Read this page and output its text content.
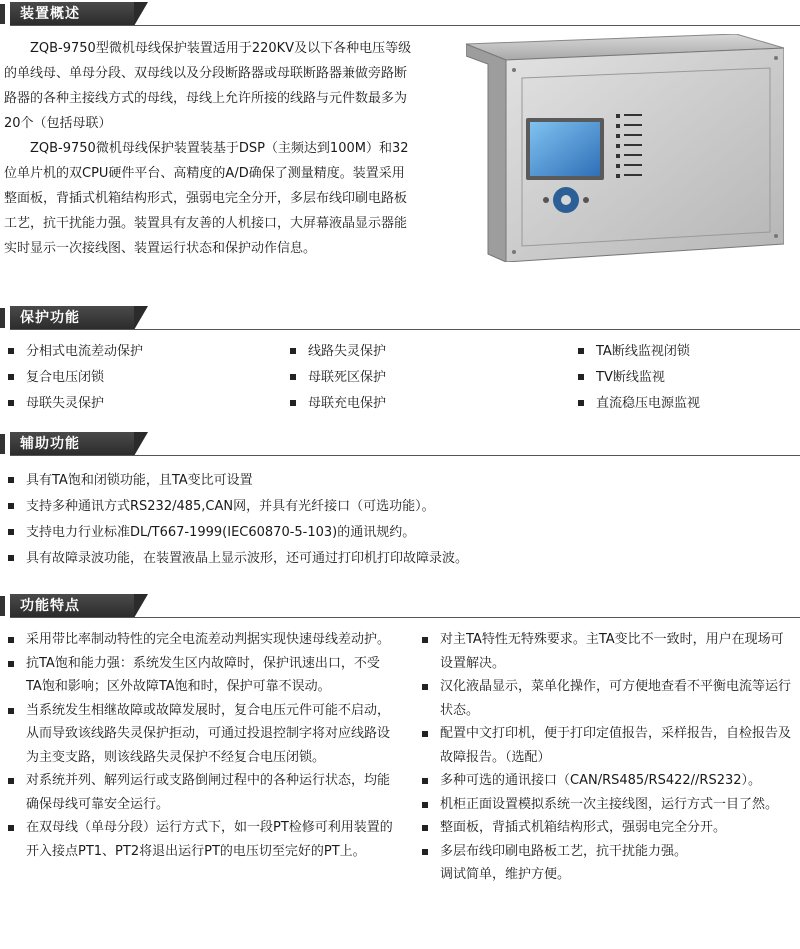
装置概述

ZQB-9750型微机母线保护装置适用于220KV及以下各种电压等级的单线母、单母分段、双母线以及分段断路器或母联断路器兼做旁路断路器的各种主接线方式的母线，母线上允许所接的线路与元件数最多为20个（包括母联）

ZQB-9750微机母线保护装置装基于DSP（主频达到100M）和32位单片机的双CPU硬件平台、高精度的A/D确保了测量精度。装置采用整面板，背插式机箱结构形式，强弱电完全分开，多层布线印刷电路板工艺，抗干扰能力强。装置具有友善的人机接口，大屏幕液晶显示器能实时显示一次接线图、装置运行状态和保护动作信息。

保护功能
分相式电流差动保护	线路失灵保护	TA断线监视闭锁
复合电压闭锁	母联死区保护	TV断线监视
母联失灵保护	母联充电保护	直流稳压电源监视
辅助功能
具有TA饱和闭锁功能，且TA变比可设置
支持多种通讯方式RS232/485,CAN网，并具有光纤接口（可选功能）。
支持电力行业标准DL/T667-1999(IEC60870-5-103)的通讯规约。
具有故障录波功能，在装置液晶上显示波形，还可通过打印机打印故障录波。
功能特点
采用带比率制动特性的完全电流差动判据实现快速母线差动护。
抗TA饱和能力强：系统发生区内故障时，保护讯速出口，不受TA饱和影响；区外故障TA饱和时，保护可靠不误动。
当系统发生相继故障或故障发展时，复合电压元件可能不启动，从而导致该线路失灵保护拒动，可通过投退控制字将对应线路设为主变支路，则该线路失灵保护不经复合电压闭锁。
对系统并列、解列运行或支路倒闸过程中的各种运行状态，均能确保母线可靠安全运行。
在双母线（单母分段）运行方式下，如一段PT检修可利用装置的开入接点PT1、PT2将退出运行PT的电压切至完好的PT上。
对主TA特性无特殊要求。主TA变比不一致时，用户在现场可设置解决。
汉化液晶显示，菜单化操作，可方便地查看不平衡电流等运行状态。
配置中文打印机，便于打印定值报告，采样报告，自检报告及故障报告。（选配）
多种可选的通讯接口（CAN/RS485/RS422//RS232）。
机柜正面设置模拟系统一次主接线图，运行方式一目了然。
整面板，背插式机箱结构形式，强弱电完全分开。
多层布线印刷电路板工艺，抗干扰能力强。
调试简单，维护方便。
